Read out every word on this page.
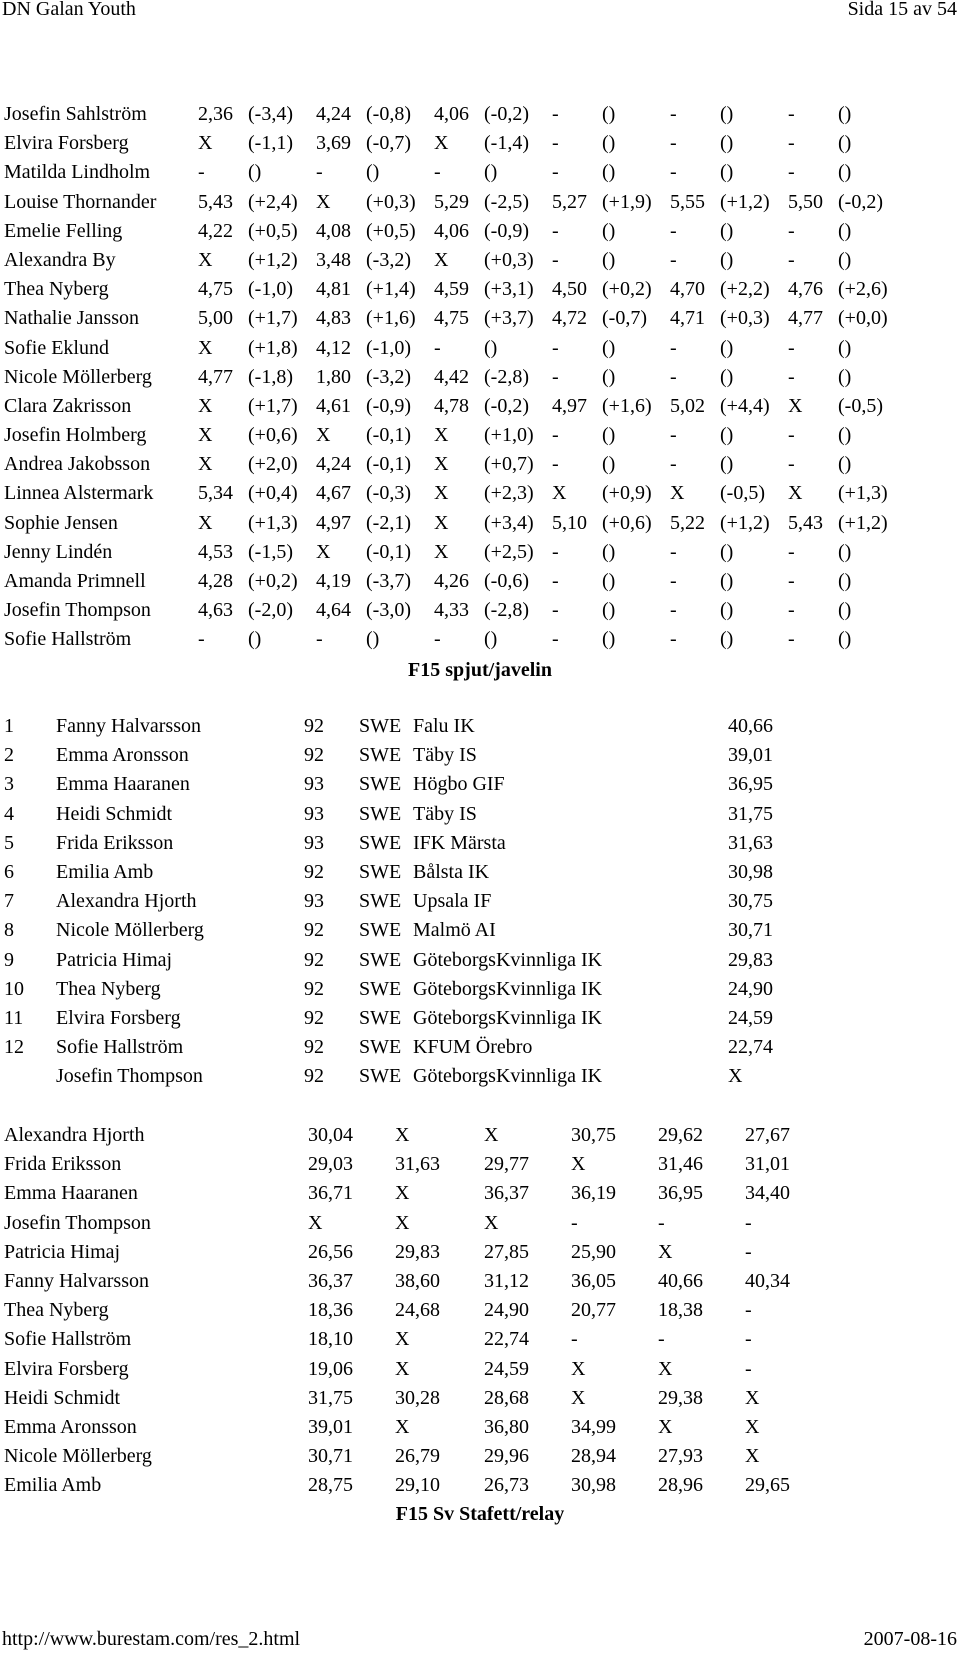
DN Galan Youth	Sida 15 av 54
Josefin Sahlström	2,36	(-3,4)	4,24	(-0,8)	4,06	(-0,2)	-	()	-	()	-	()
Elvira Forsberg	X	(-1,1)	3,69	(-0,7)	X	(-1,4)	-	()	-	()	-	()
Matilda Lindholm	-	()	-	()	-	()	-	()	-	()	-	()
Louise Thornander	5,43	(+2,4)	X	(+0,3)	5,29	(-2,5)	5,27	(+1,9)	5,55	(+1,2)	5,50	(-0,2)
Emelie Felling	4,22	(+0,5)	4,08	(+0,5)	4,06	(-0,9)	-	()	-	()	-	()
Alexandra By	X	(+1,2)	3,48	(-3,2)	X	(+0,3)	-	()	-	()	-	()
Thea Nyberg	4,75	(-1,0)	4,81	(+1,4)	4,59	(+3,1)	4,50	(+0,2)	4,70	(+2,2)	4,76	(+2,6)
Nathalie Jansson	5,00	(+1,7)	4,83	(+1,6)	4,75	(+3,7)	4,72	(-0,7)	4,71	(+0,3)	4,77	(+0,0)
Sofie Eklund	X	(+1,8)	4,12	(-1,0)	-	()	-	()	-	()	-	()
Nicole Möllerberg	4,77	(-1,8)	1,80	(-3,2)	4,42	(-2,8)	-	()	-	()	-	()
Clara Zakrisson	X	(+1,7)	4,61	(-0,9)	4,78	(-0,2)	4,97	(+1,6)	5,02	(+4,4)	X	(-0,5)
Josefin Holmberg	X	(+0,6)	X	(-0,1)	X	(+1,0)	-	()	-	()	-	()
Andrea Jakobsson	X	(+2,0)	4,24	(-0,1)	X	(+0,7)	-	()	-	()	-	()
Linnea Alstermark	5,34	(+0,4)	4,67	(-0,3)	X	(+2,3)	X	(+0,9)	X	(-0,5)	X	(+1,3)
Sophie Jensen	X	(+1,3)	4,97	(-2,1)	X	(+3,4)	5,10	(+0,6)	5,22	(+1,2)	5,43	(+1,2)
Jenny Lindén	4,53	(-1,5)	X	(-0,1)	X	(+2,5)	-	()	-	()	-	()
Amanda Primnell	4,28	(+0,2)	4,19	(-3,7)	4,26	(-0,6)	-	()	-	()	-	()
Josefin Thompson	4,63	(-2,0)	4,64	(-3,0)	4,33	(-2,8)	-	()	-	()	-	()
Sofie Hallström	-	()	-	()	-	()	-	()	-	()	-	()
F15 spjut/javelin
1	Fanny Halvarsson	92	SWE	Falu IK	40,66
2	Emma Aronsson	92	SWE	Täby IS	39,01
3	Emma Haaranen	93	SWE	Högbo GIF	36,95
4	Heidi Schmidt	93	SWE	Täby IS	31,75
5	Frida Eriksson	93	SWE	IFK Märsta	31,63
6	Emilia Amb	92	SWE	Bålsta IK	30,98
7	Alexandra Hjorth	93	SWE	Upsala IF	30,75
8	Nicole Möllerberg	92	SWE	Malmö AI	30,71
9	Patricia Himaj	92	SWE	GöteborgsKvinnliga IK	29,83
10	Thea Nyberg	92	SWE	GöteborgsKvinnliga IK	24,90
11	Elvira Forsberg	92	SWE	GöteborgsKvinnliga IK	24,59
12	Sofie Hallström	92	SWE	KFUM Örebro	22,74
	Josefin Thompson	92	SWE	GöteborgsKvinnliga IK	X
Alexandra Hjorth	30,04	X	X	30,75	29,62	27,67
Frida Eriksson	29,03	31,63	29,77	X	31,46	31,01
Emma Haaranen	36,71	X	36,37	36,19	36,95	34,40
Josefin Thompson	X	X	X	-	-	-
Patricia Himaj	26,56	29,83	27,85	25,90	X	-
Fanny Halvarsson	36,37	38,60	31,12	36,05	40,66	40,34
Thea Nyberg	18,36	24,68	24,90	20,77	18,38	-
Sofie Hallström	18,10	X	22,74	-	-	-
Elvira Forsberg	19,06	X	24,59	X	X	-
Heidi Schmidt	31,75	30,28	28,68	X	29,38	X
Emma Aronsson	39,01	X	36,80	34,99	X	X
Nicole Möllerberg	30,71	26,79	29,96	28,94	27,93	X
Emilia Amb	28,75	29,10	26,73	30,98	28,96	29,65
F15 Sv Stafett/relay
http://www.burestam.com/res_2.html	2007-08-16
